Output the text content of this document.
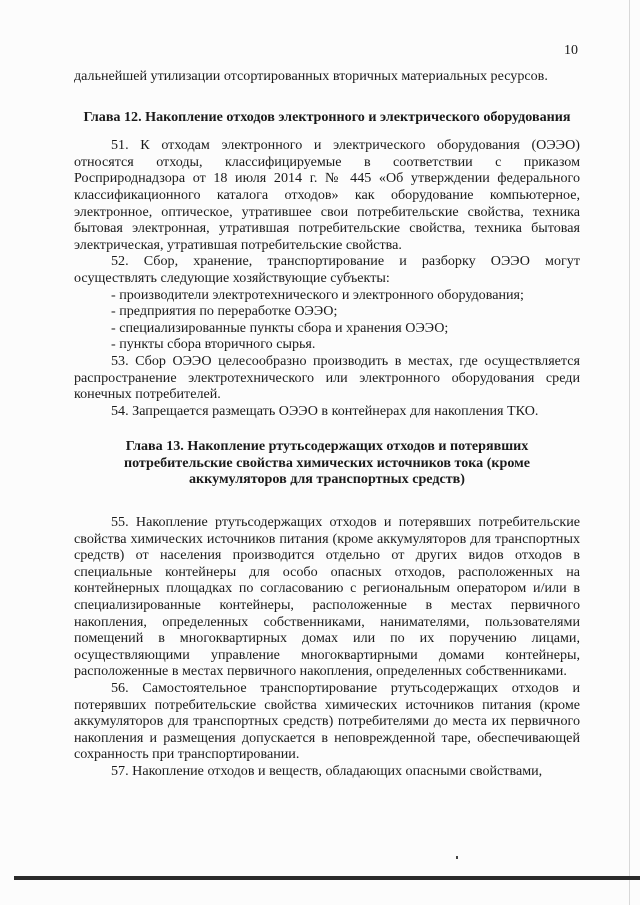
10

дальнейшей утилизации отсортированных вторичных материальных ресурсов.

Глава 12. Накопление отходов электронного и электрического оборудования

51. К отходам электронного и электрического оборудования (ОЭЭО) относятся отходы, классифицируемые в соответствии с приказом Росприроднадзора от 18 июля 2014 г. № 445 «Об утверждении федерального классификационного каталога отходов» как оборудование компьютерное, электронное, оптическое, утратившее свои потребительские свойства, техника бытовая электронная, утратившая потребительские свойства, техника бытовая электрическая, утратившая потребительские свойства.

52. Сбор, хранение, транспортирование и разборку ОЭЭО могут осуществлять следующие хозяйствующие субъекты:

- производители электротехнического и электронного оборудования;

- предприятия по переработке ОЭЭО;

- специализированные пункты сбора и хранения ОЭЭО;

- пункты сбора вторичного сырья.

53. Сбор ОЭЭО целесообразно производить в местах, где осуществляется распространение электротехнического или электронного оборудования среди конечных потребителей.

54. Запрещается размещать ОЭЭО в контейнерах для накопления ТКО.

Глава 13. Накопление ртутьсодержащих отходов и потерявших потребительские свойства химических источников тока (кроме аккумуляторов для транспортных средств)

55. Накопление ртутьсодержащих отходов и потерявших потребительские свойства химических источников питания (кроме аккумуляторов для транспортных средств) от населения производится отдельно от других видов отходов в специальные контейнеры для особо опасных отходов, расположенных на контейнерных площадках по согласованию с региональным оператором и/или в специализированные контейнеры, расположенные в местах первичного накопления, определенных собственниками, нанимателями, пользователями помещений в многоквартирных домах или по их поручению лицами, осуществляющими управление многоквартирными домами контейнеры, расположенные в местах первичного накопления, определенных собственниками.

56. Самостоятельное транспортирование ртутьсодержащих отходов и потерявших потребительские свойства химических источников питания (кроме аккумуляторов для транспортных средств) потребителями до места их первичного накопления и размещения допускается в неповрежденной таре, обеспечивающей сохранность при транспортировании.

57. Накопление отходов и веществ, обладающих опасными свойствами,
